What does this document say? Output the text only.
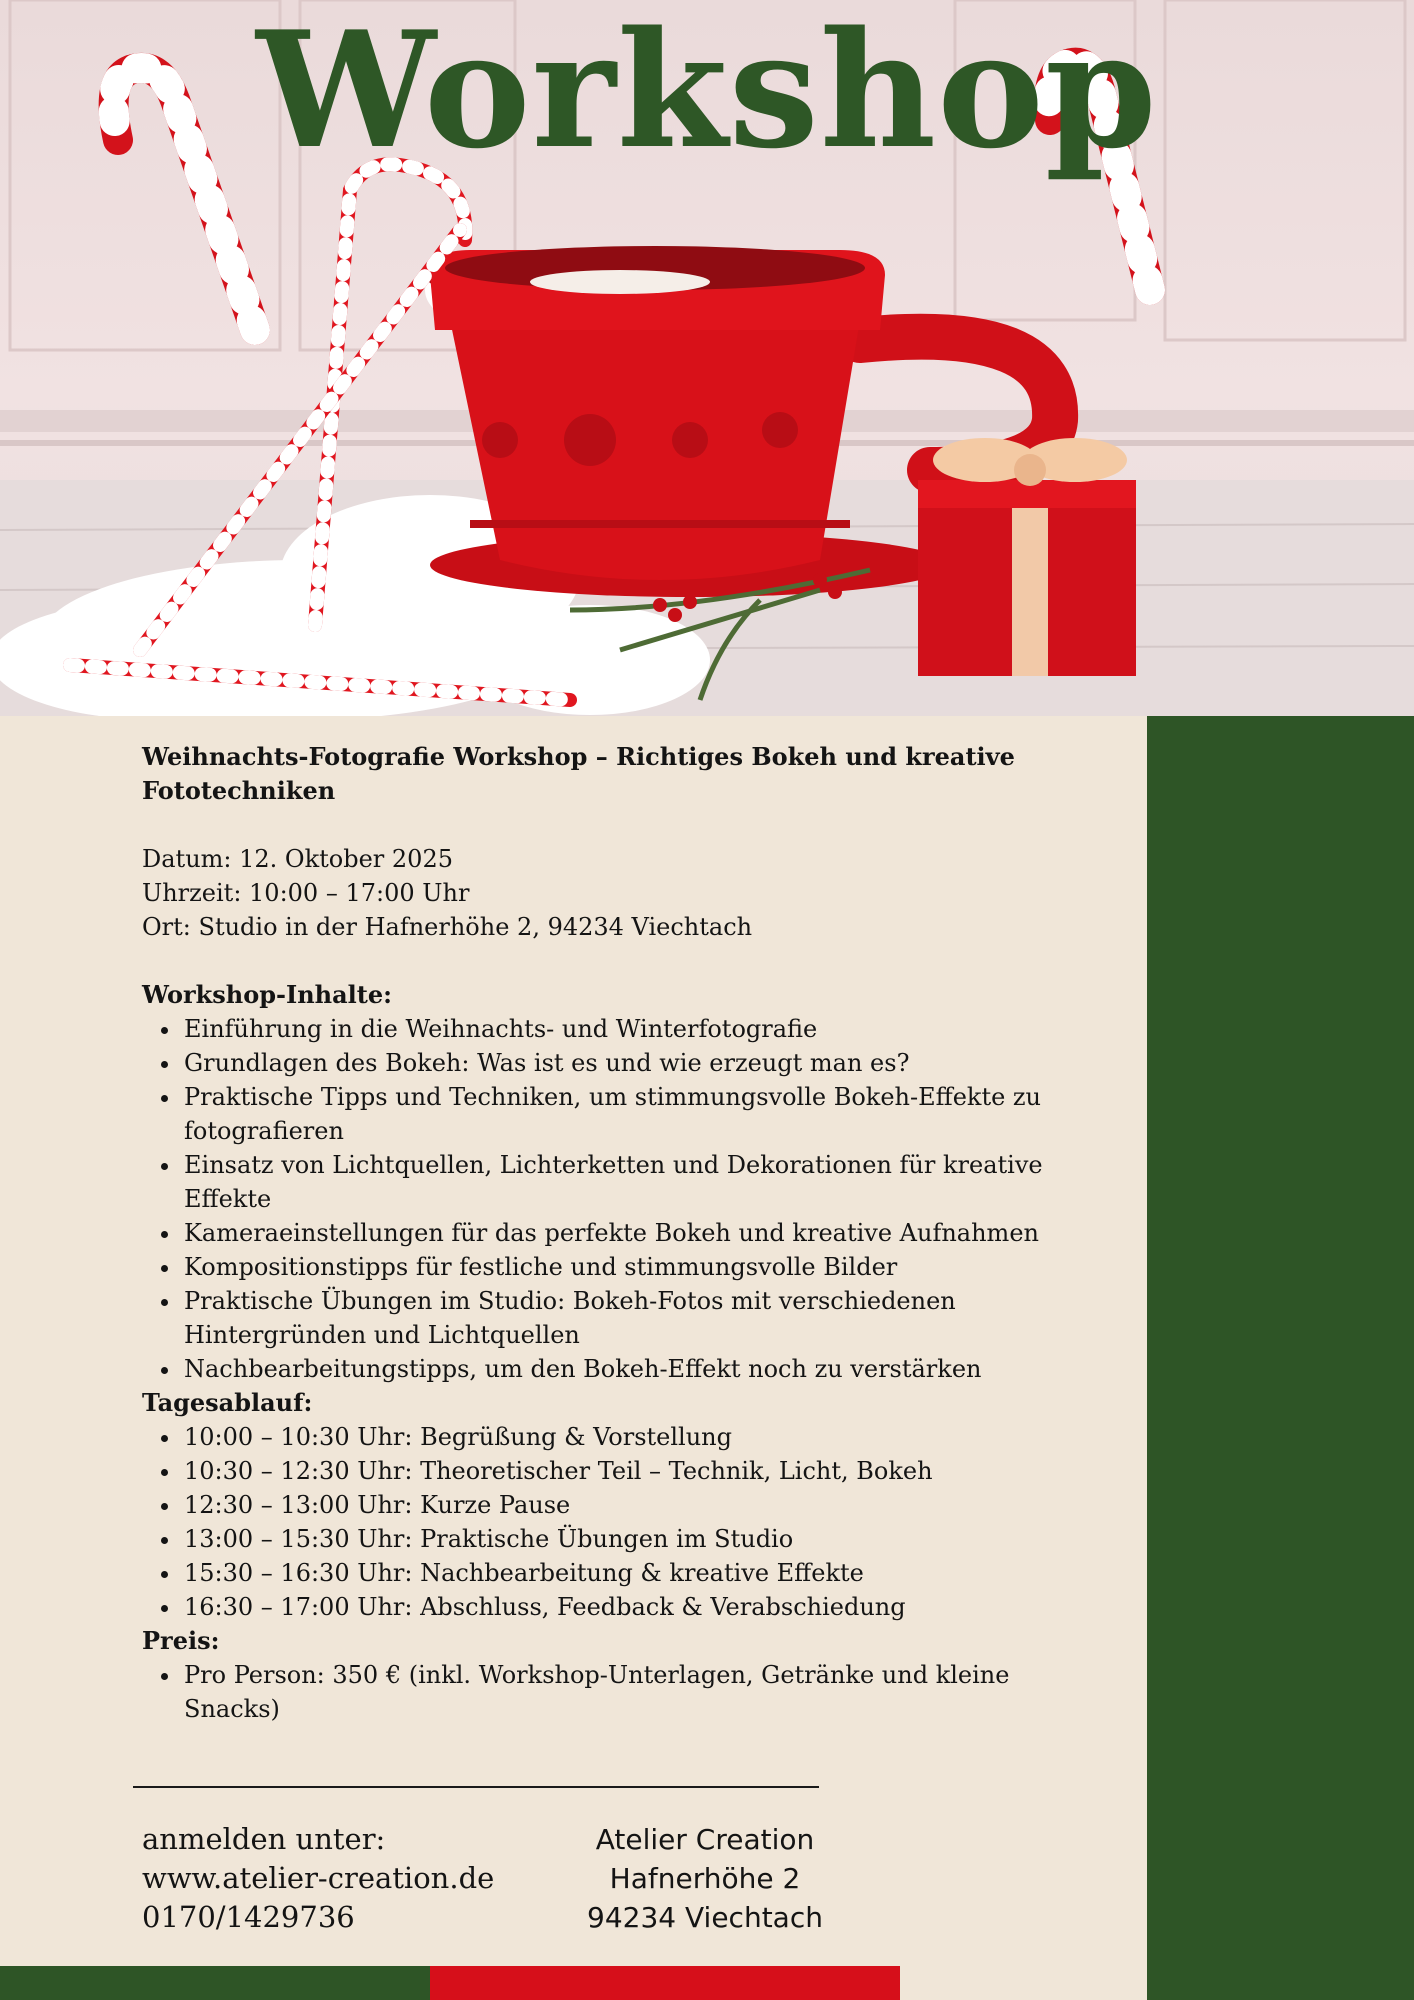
Workshop

Weihnachts-Fotografie Workshop – Richtiges Bokeh und kreative Fototechniken

Datum: 12. Oktober 2025

Uhrzeit: 10:00 – 17:00 Uhr

Ort: Studio in der Hafnerhöhe 2, 94234 Viechtach

Workshop-Inhalte:

• Einführung in die Weihnachts- und Winterfotografie
• Grundlagen des Bokeh: Was ist es und wie erzeugt man es?
• Praktische Tipps und Techniken, um stimmungsvolle Bokeh-Effekte zu fotografieren
• Einsatz von Lichtquellen, Lichterketten und Dekorationen für kreative Effekte
• Kameraeinstellungen für das perfekte Bokeh und kreative Aufnahmen
• Kompositionstipps für festliche und stimmungsvolle Bilder
• Praktische Übungen im Studio: Bokeh-Fotos mit verschiedenen Hintergründen und Lichtquellen
• Nachbearbeitungstipps, um den Bokeh-Effekt noch zu verstärken

Tagesablauf:

• 10:00 – 10:30 Uhr: Begrüßung & Vorstellung
• 10:30 – 12:30 Uhr: Theoretischer Teil – Technik, Licht, Bokeh
• 12:30 – 13:00 Uhr: Kurze Pause
• 13:00 – 15:30 Uhr: Praktische Übungen im Studio
• 15:30 – 16:30 Uhr: Nachbearbeitung & kreative Effekte
• 16:30 – 17:00 Uhr: Abschluss, Feedback & Verabschiedung

Preis:

• Pro Person: 350 € (inkl. Workshop-Unterlagen, Getränke und kleine Snacks)
anmelden unter:
www.atelier-creation.de
0170/1429736
Atelier Creation
Hafnerhöhe 2
94234 Viechtach
